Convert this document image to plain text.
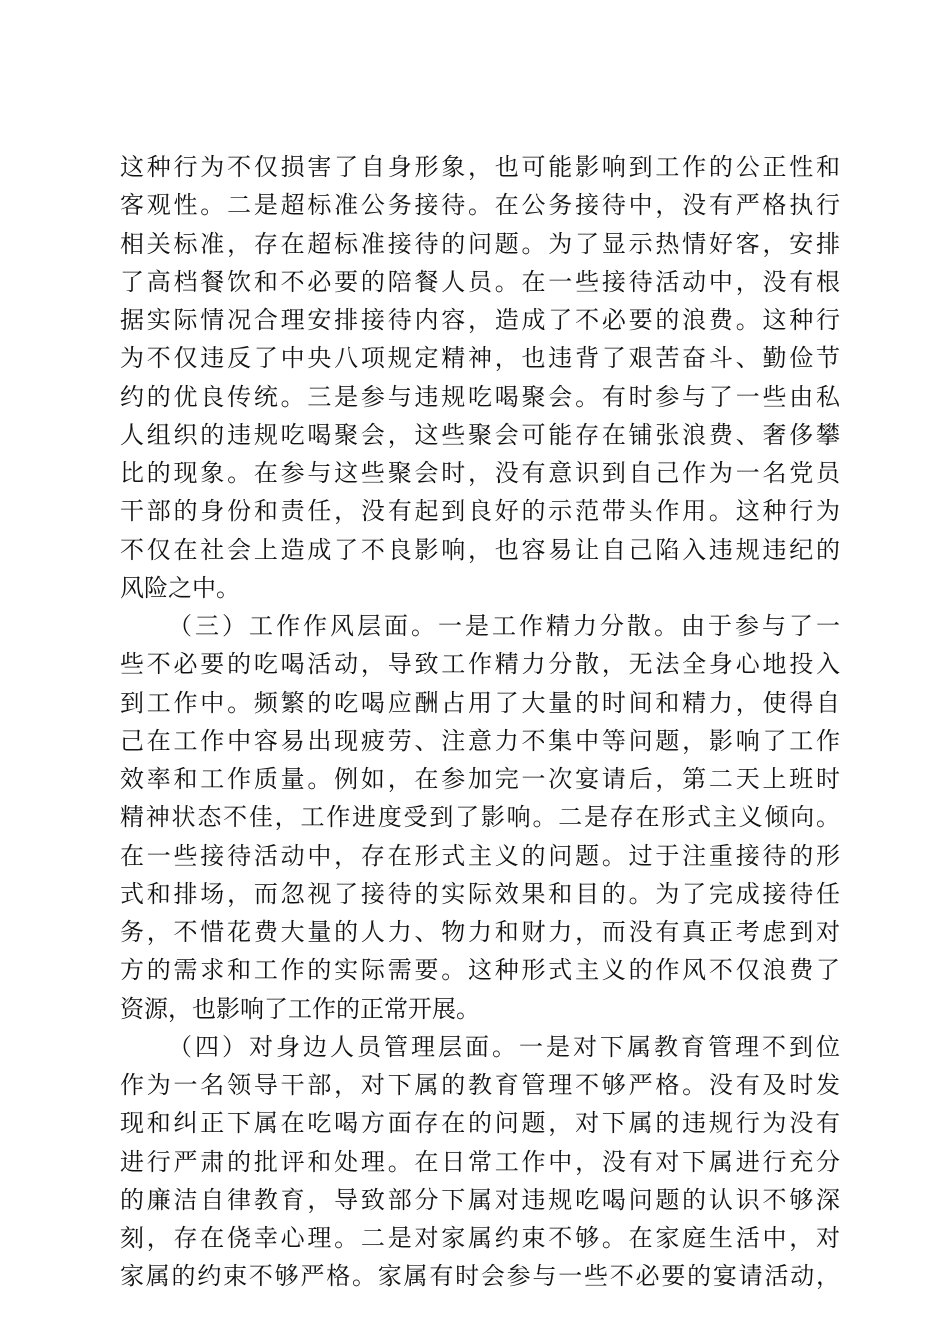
这种行为不仅损害了自身形象，也可能影响到工作的公正性和
客观性。二是超标准公务接待。在公务接待中，没有严格执行
相关标准，存在超标准接待的问题。为了显示热情好客，安排
了高档餐饮和不必要的陪餐人员。在一些接待活动中，没有根
据实际情况合理安排接待内容，造成了不必要的浪费。这种行
为不仅违反了中央八项规定精神，也违背了艰苦奋斗、勤俭节
约的优良传统。三是参与违规吃喝聚会。有时参与了一些由私
人组织的违规吃喝聚会，这些聚会可能存在铺张浪费、奢侈攀
比的现象。在参与这些聚会时，没有意识到自己作为一名党员
干部的身份和责任，没有起到良好的示范带头作用。这种行为
不仅在社会上造成了不良影响，也容易让自己陷入违规违纪的
风险之中。
（三）工作作风层面。一是工作精力分散。由于参与了一
些不必要的吃喝活动，导致工作精力分散，无法全身心地投入
到工作中。频繁的吃喝应酬占用了大量的时间和精力，使得自
己在工作中容易出现疲劳、注意力不集中等问题，影响了工作
效率和工作质量。例如，在参加完一次宴请后，第二天上班时
精神状态不佳，工作进度受到了影响。二是存在形式主义倾向。
在一些接待活动中，存在形式主义的问题。过于注重接待的形
式和排场，而忽视了接待的实际效果和目的。为了完成接待任
务，不惜花费大量的人力、物力和财力，而没有真正考虑到对
方的需求和工作的实际需要。这种形式主义的作风不仅浪费了
资源，也影响了工作的正常开展。
（四）对身边人员管理层面。一是对下属教育管理不到位
作为一名领导干部，对下属的教育管理不够严格。没有及时发
现和纠正下属在吃喝方面存在的问题，对下属的违规行为没有
进行严肃的批评和处理。在日常工作中，没有对下属进行充分
的廉洁自律教育，导致部分下属对违规吃喝问题的认识不够深
刻，存在侥幸心理。二是对家属约束不够。在家庭生活中，对
家属的约束不够严格。家属有时会参与一些不必要的宴请活动，
